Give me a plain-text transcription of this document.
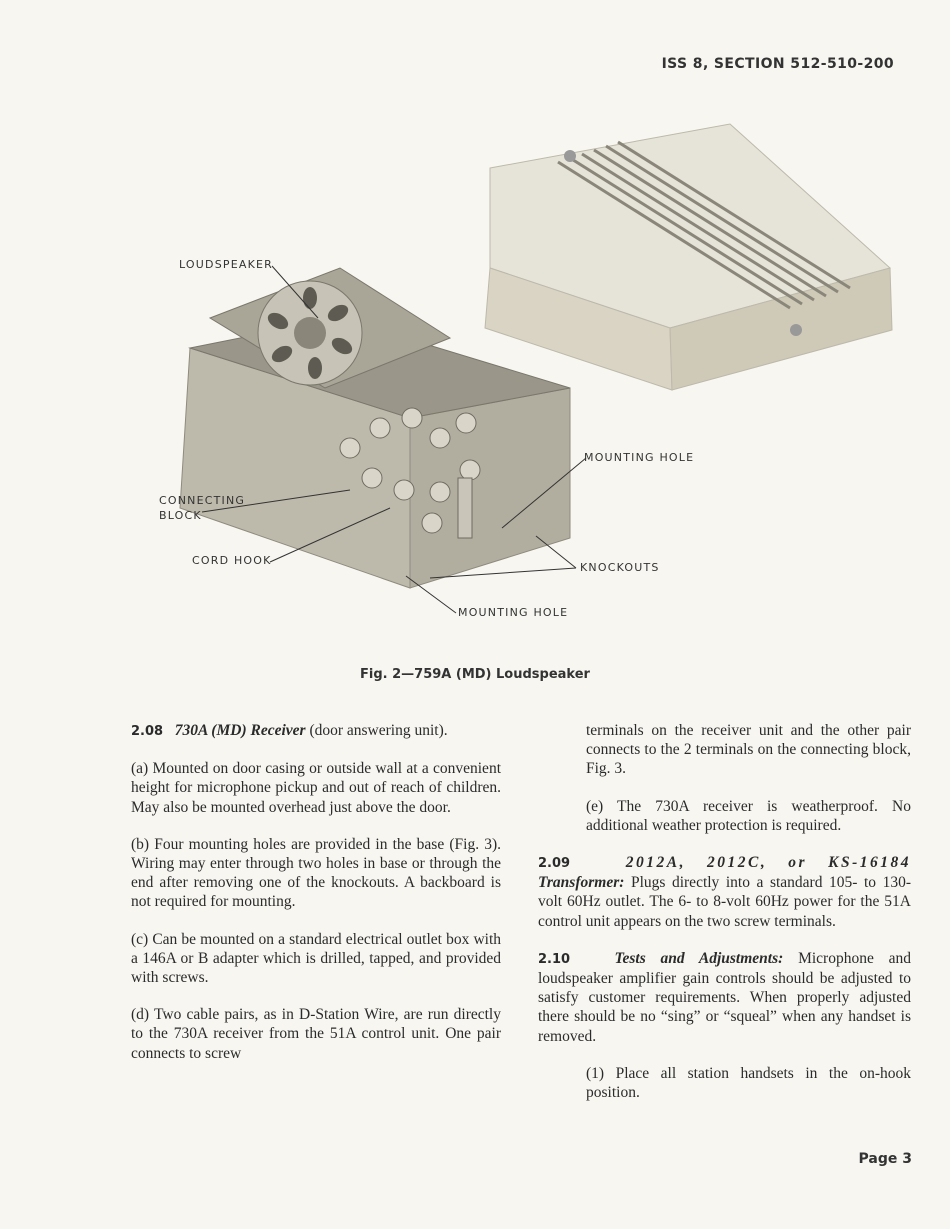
ISS 8, SECTION 512-510-200
LOUDSPEAKER
CONNECTING
BLOCK
CORD HOOK
MOUNTING HOLE
KNOCKOUTS
MOUNTING HOLE
Fig. 2—759A (MD) Loudspeaker

2.08 730A (MD) Receiver (door answering unit).

(a) Mounted on door casing or outside wall at a convenient height for microphone pickup and out of reach of children. May also be mounted overhead just above the door.

(b) Four mounting holes are provided in the base (Fig. 3). Wiring may enter through two holes in base or through the end after removing one of the knockouts. A backboard is not required for mounting.

(c) Can be mounted on a standard electrical outlet box with a 146A or B adapter which is drilled, tapped, and provided with screws.

(d) Two cable pairs, as in D-Station Wire, are run directly to the 730A receiver from the 51A control unit. One pair connects to screw

terminals on the receiver unit and the other pair connects to the 2 terminals on the connecting block, Fig. 3.

(e) The 730A receiver is weatherproof. No additional weather protection is required.

2.09	2012A, 2012C, or KS-16184 Transformer: Plugs directly into a standard 105- to 130-volt 60Hz outlet. The 6- to 8-volt 60Hz power for the 51A control unit appears on the two screw terminals.

2.10	Tests and Adjustments: Microphone and loudspeaker amplifier gain controls should be adjusted to satisfy customer requirements. When properly adjusted there should be no “sing” or “squeal” when any handset is removed.

(1) Place all station handsets in the on-hook position.

Page 3
